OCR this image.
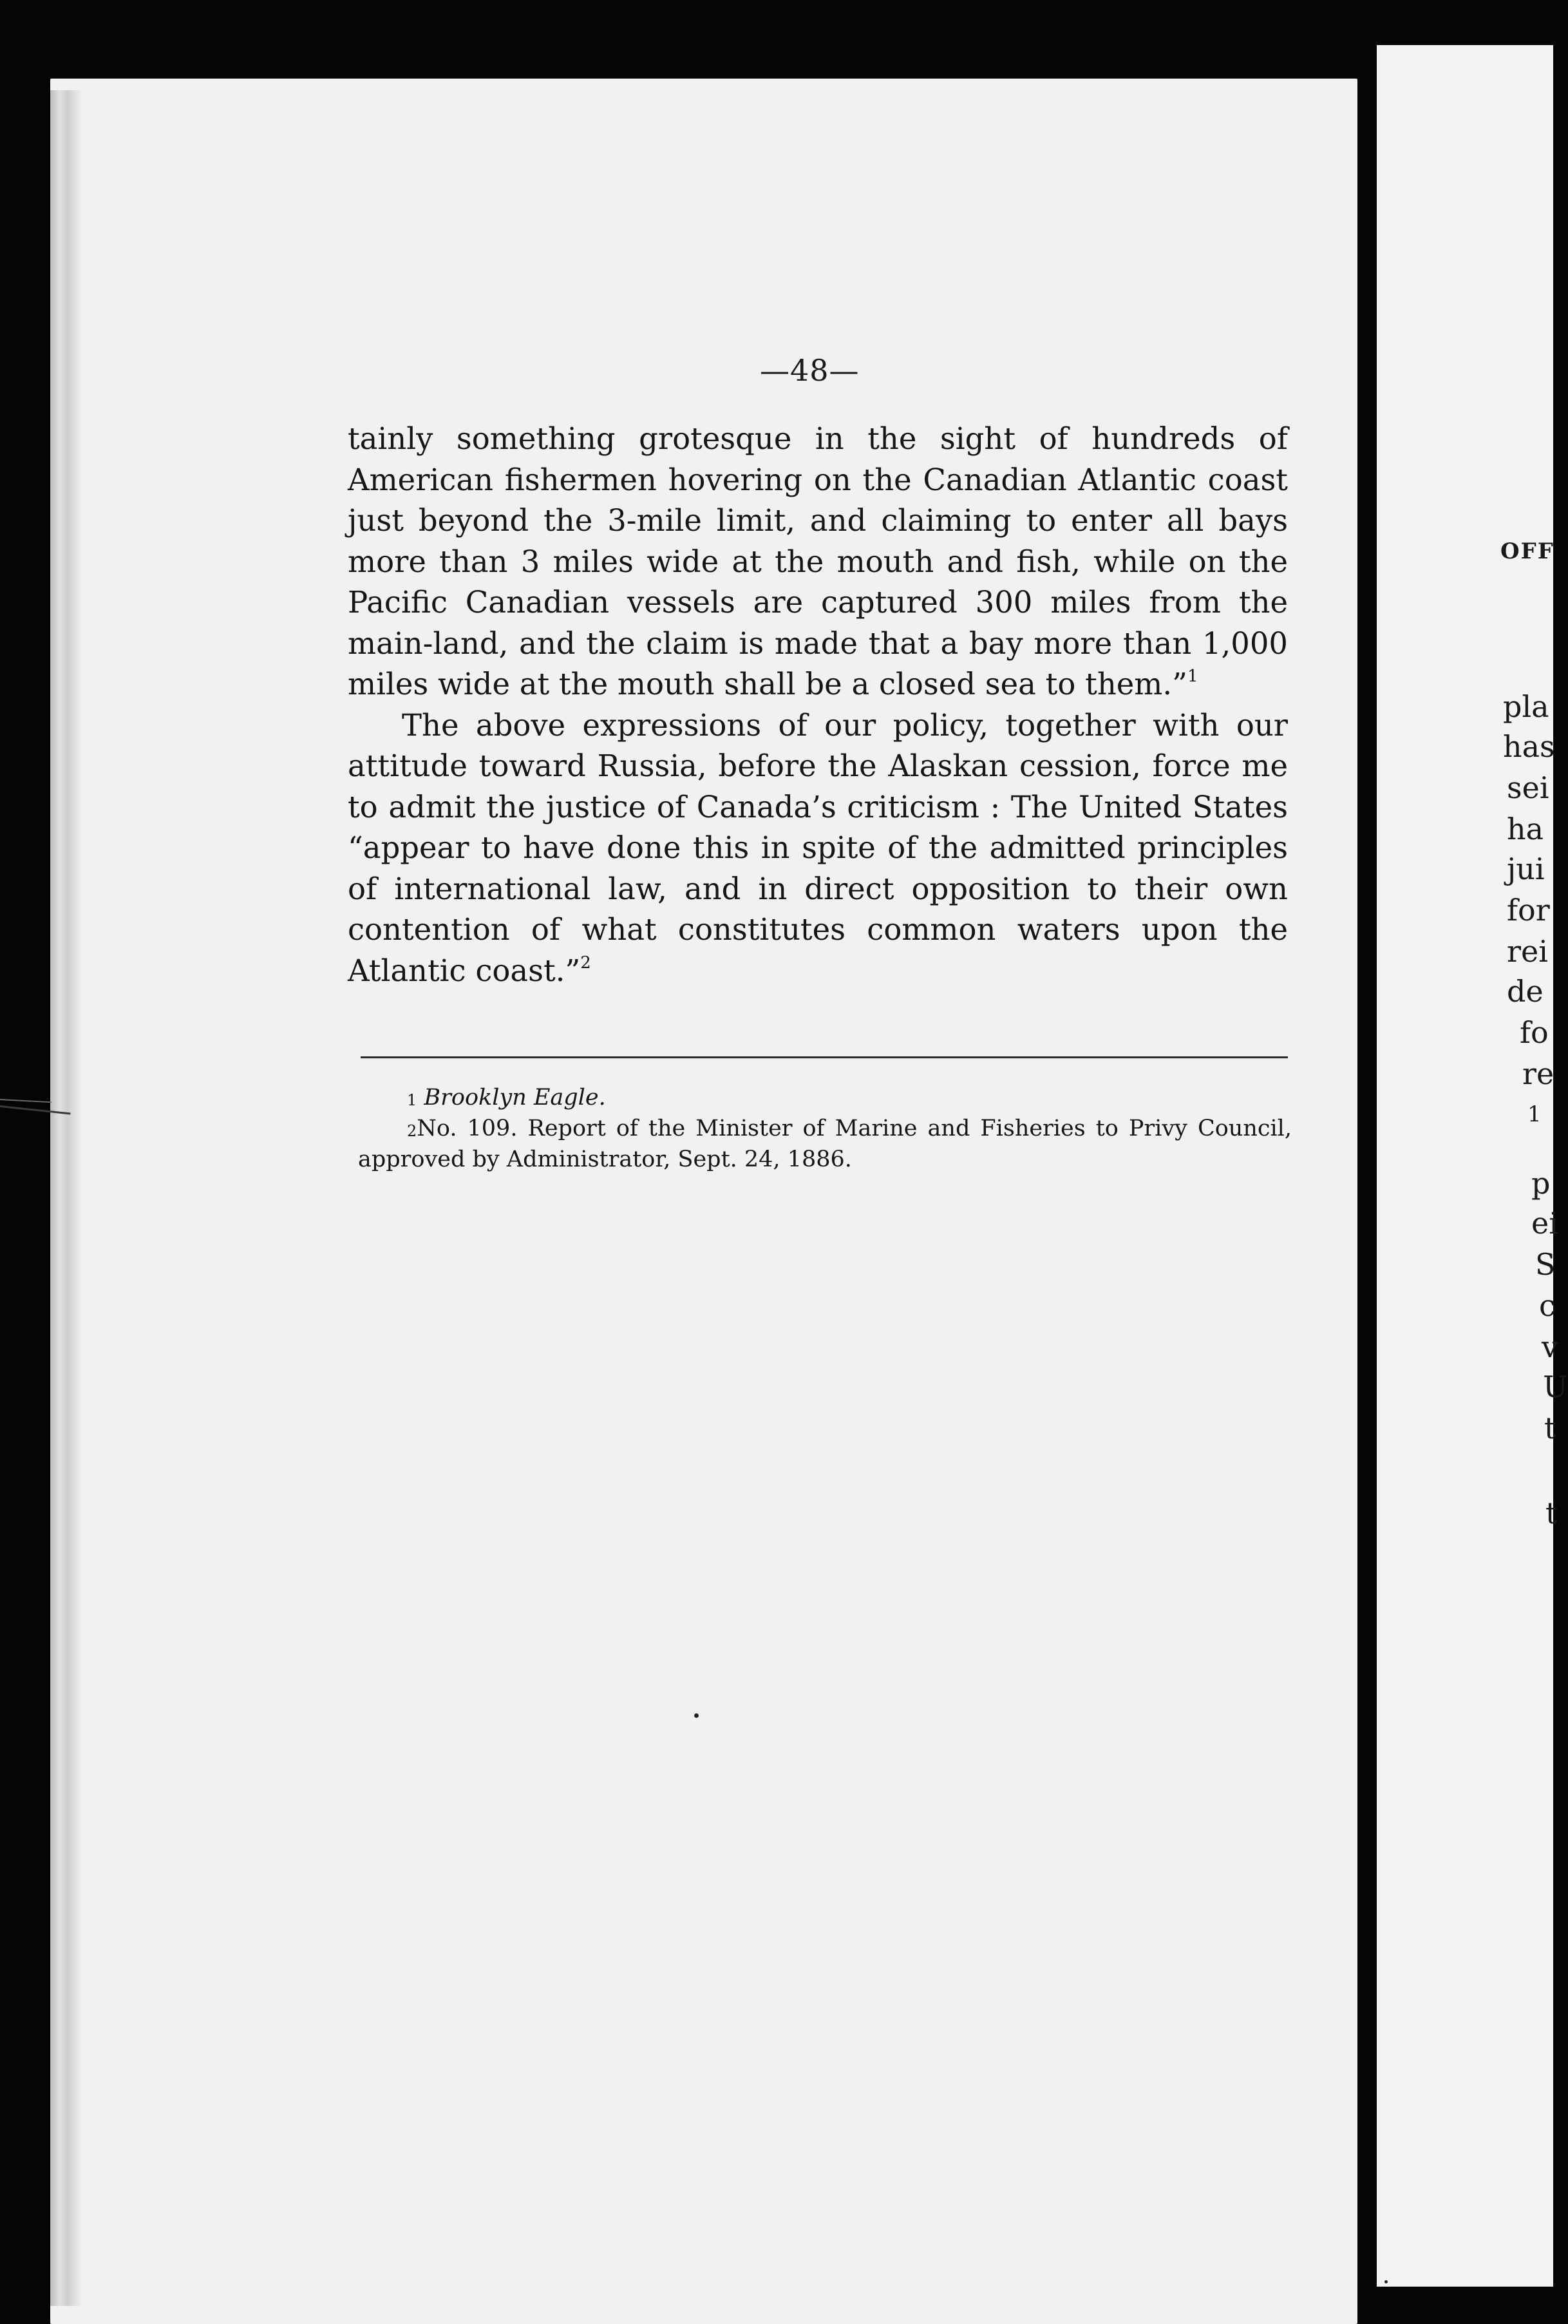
—48—

tainly something grotesque in the sight of hundreds of American fishermen hovering on the Canadian Atlantic coast just beyond the 3-mile limit, and claiming to enter all bays more than 3 miles wide at the mouth and fish, while on the Pacific Canadian vessels are captured 300 miles from the main-land, and the claim is made that a bay more than 1,000 miles wide at the mouth shall be a closed sea to them.”$^1$

The above expressions of our policy, together with our attitude toward Russia, before the Alaskan cession, force me to admit the justice of Canada’s criticism : The United States “appear to have done this in spite of the admitted principles of international law, and in direct opposition to their own contention of what constitutes common waters upon the Atlantic coast.”$^2$

$^1$ Brooklyn Eagle.

$^2$No. 109. Report of the Minister of Marine and Fisheries to Privy Council, approved by Administrator, Sept. 24, 1886.

OFF
pla
has
sei
ha
jui
for
rei
de
fo
re
1
p
ei
S
c
v
U
t
t
